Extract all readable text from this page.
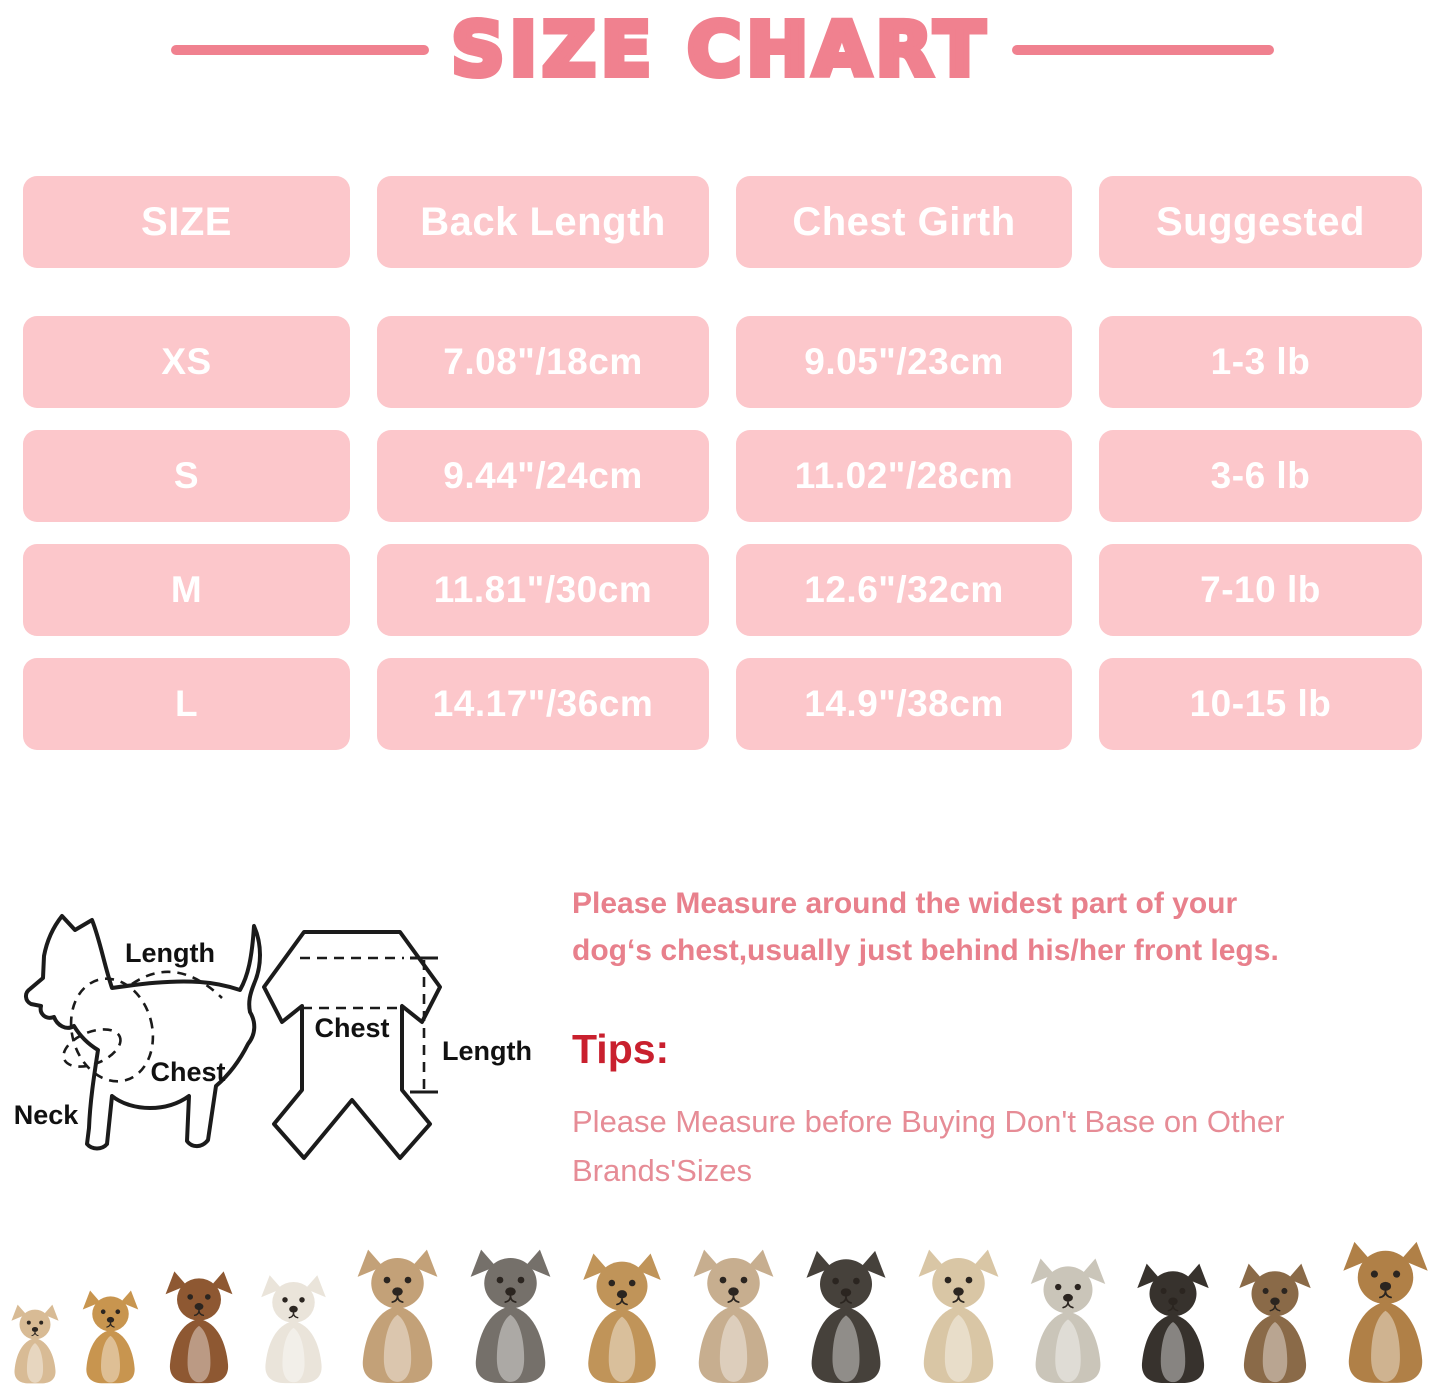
SIZE CHART
SIZE	Back Length	Chest Girth	Suggested
XS	7.08"/18cm	9.05"/23cm	1-3 lb
S	9.44"/24cm	11.02"/28cm	3-6 lb
M	11.81"/30cm	12.6"/32cm	7-10 lb
L	14.17"/36cm	14.9"/38cm	10-15 lb
Length
Chest
Neck
Chest
Length

Please Measure around the widest part of your
dog‘s chest,usually just behind his/her front legs.

Tips:
Please Measure before Buying Don't Base on Other
Brands'Sizes
